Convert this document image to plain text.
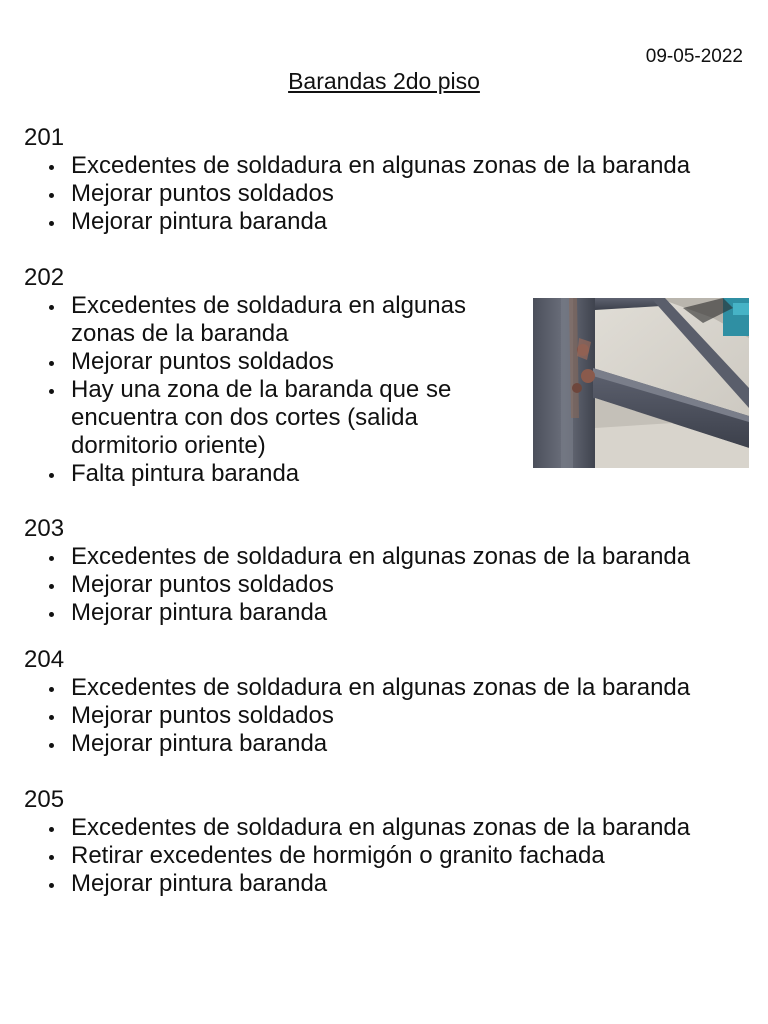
09-05-2022
Barandas 2do piso
201
Excedentes de soldadura en algunas zonas de la baranda
Mejorar puntos soldados
Mejorar pintura baranda
202
Excedentes de soldadura en algunas zonas de la baranda
Mejorar puntos soldados
Hay una zona de la baranda que se encuentra con dos cortes (salida dormitorio oriente)
Falta pintura baranda
203
Excedentes de soldadura en algunas zonas de la baranda
Mejorar puntos soldados
Mejorar pintura baranda
204
Excedentes de soldadura en algunas zonas de la baranda
Mejorar puntos soldados
Mejorar pintura baranda
205
Excedentes de soldadura en algunas zonas de la baranda
Retirar excedentes de hormigón o granito fachada
Mejorar pintura baranda
